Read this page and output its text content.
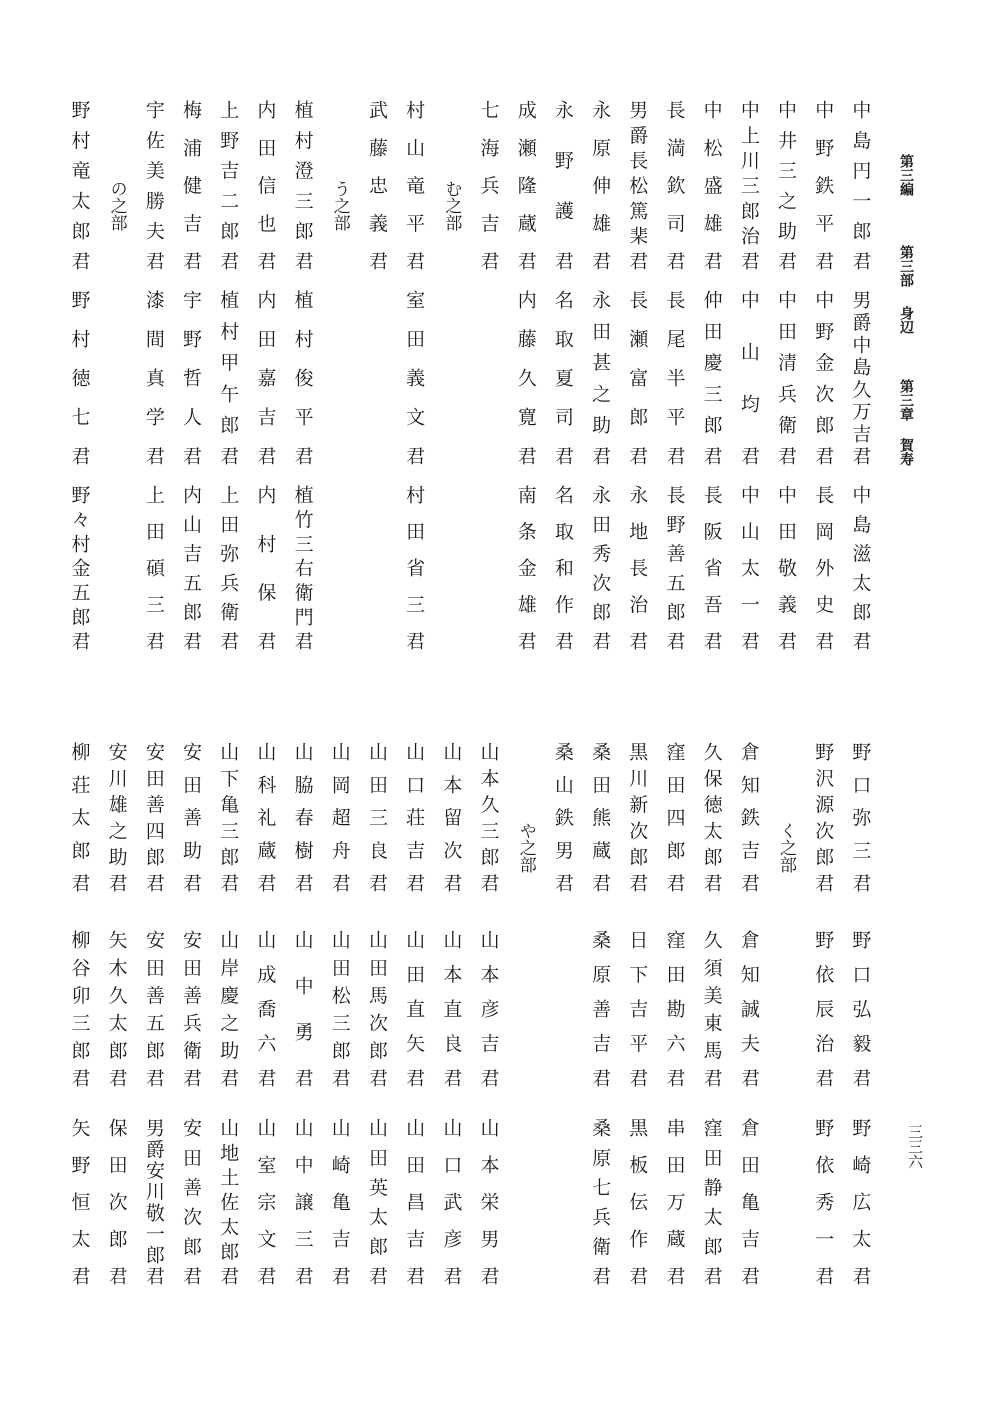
第三編
第三部
身辺
第三章
賀寿
三三六
中島円一郎君
男爵中島久万吉君
中島滋太郎君
中野鉄平君
中野金次郎君
長岡外史君
中井三之助君
中田清兵衛君
中田敬義君
中上川三郎治君
中山均君
中山太一君
中松盛雄君
仲田慶三郎君
長阪省吾君
長満欽司君
長尾半平君
長野善五郎君
男爵長松篤棐君
長瀬富郎君
永地長治君
永原伸雄君
永田甚之助君
永田秀次郎君
永野護君
名取夏司君
名取和作君
成瀬隆蔵君
内藤久寛君
南条金雄君
七海兵吉君
む之部
村山竜平君
室田義文君
村田省三君
武藤忠義君
う之部
植村澄三郎君
植村俊平君
植竹三右衛門君
内田信也君
内田嘉吉君
内村保君
上野吉二郎君
植村甲午郎君
上田弥兵衛君
梅浦健吉君
宇野哲人君
内山吉五郎君
宇佐美勝夫君
漆間真学君
上田碩三君
の之部
野村竜太郎君
野村徳七君
野々村金五郎君
野口弥三君
野口弘毅君
野崎広太君
野沢源次郎君
野依辰治君
野依秀一君
く之部
倉知鉄吉君
倉知誠夫君
倉田亀吉君
久保徳太郎君
久須美東馬君
窪田静太郎君
窪田四郎君
窪田勘六君
串田万蔵君
黒川新次郎君
日下吉平君
黒板伝作君
桑田熊蔵君
桑原善吉君
桑原七兵衛君
桑山鉄男君
や之部
山本久三郎君
山本彦吉君
山本栄男君
山本留次君
山本直良君
山口武彦君
山口荘吉君
山田直矢君
山田昌吉君
山田三良君
山田馬次郎君
山田英太郎君
山岡超舟君
山田松三郎君
山崎亀吉君
山脇春樹君
山中勇君
山中譲三君
山科礼蔵君
山成喬六君
山室宗文君
山下亀三郎君
山岸慶之助君
山地土佐太郎君
安田善助君
安田善兵衛君
安田善次郎君
安田善四郎君
安田善五郎君
男爵安川敬一郎君
安川雄之助君
矢木久太郎君
保田次郎君
柳荘太郎君
柳谷卯三郎君
矢野恒太君
